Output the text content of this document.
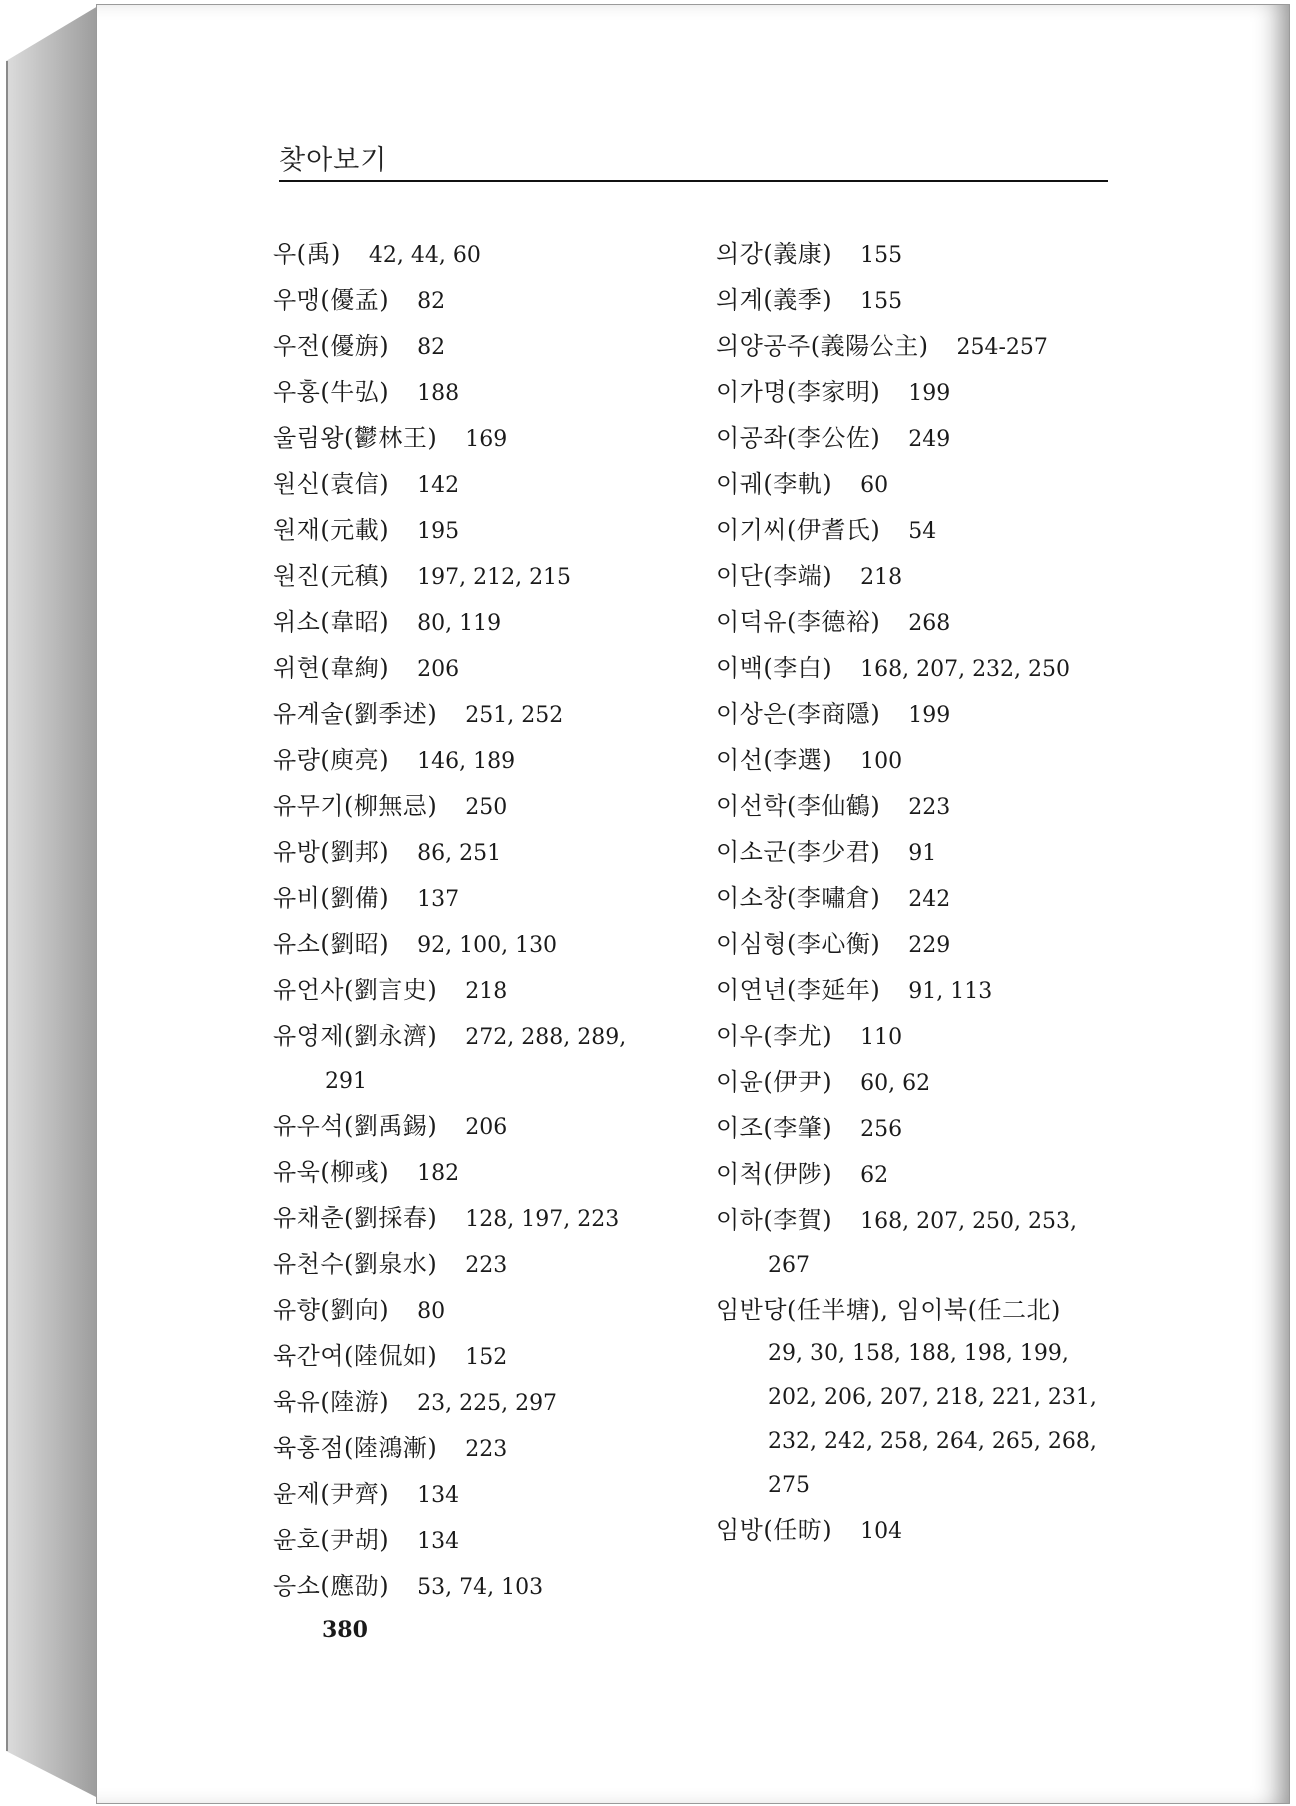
찾아보기
우(禹) 42, 44, 60
우맹(優孟) 82
우전(優旃) 82
우홍(牛弘) 188
울림왕(鬱林王) 169
원신(袁信) 142
원재(元載) 195
원진(元稹) 197, 212, 215
위소(韋昭) 80, 119
위현(韋絢) 206
유계술(劉季述) 251, 252
유량(庾亮) 146, 189
유무기(柳無忌) 250
유방(劉邦) 86, 251
유비(劉備) 137
유소(劉昭) 92, 100, 130
유언사(劉言史) 218
유영제(劉永濟) 272, 288, 289,
291
유우석(劉禹錫) 206
유욱(柳彧) 182
유채춘(劉採春) 128, 197, 223
유천수(劉泉水) 223
유향(劉向) 80
육간여(陸侃如) 152
육유(陸游) 23, 225, 297
육홍점(陸鴻漸) 223
윤제(尹齊) 134
윤호(尹胡) 134
응소(應劭) 53, 74, 103
의강(義康) 155
의계(義季) 155
의양공주(義陽公主) 254-257
이가명(李家明) 199
이공좌(李公佐) 249
이궤(李軌) 60
이기씨(伊耆氏) 54
이단(李端) 218
이덕유(李德裕) 268
이백(李白) 168, 207, 232, 250
이상은(李商隱) 199
이선(李選) 100
이선학(李仙鶴) 223
이소군(李少君) 91
이소창(李嘯倉) 242
이심형(李心衡) 229
이연년(李延年) 91, 113
이우(李尤) 110
이윤(伊尹) 60, 62
이조(李肇) 256
이척(伊陟) 62
이하(李賀) 168, 207, 250, 253,
267
임반당(任半塘), 임이북(任二北)
29, 30, 158, 188, 198, 199,
202, 206, 207, 218, 221, 231,
232, 242, 258, 264, 265, 268,
275
임방(任昉) 104
380
